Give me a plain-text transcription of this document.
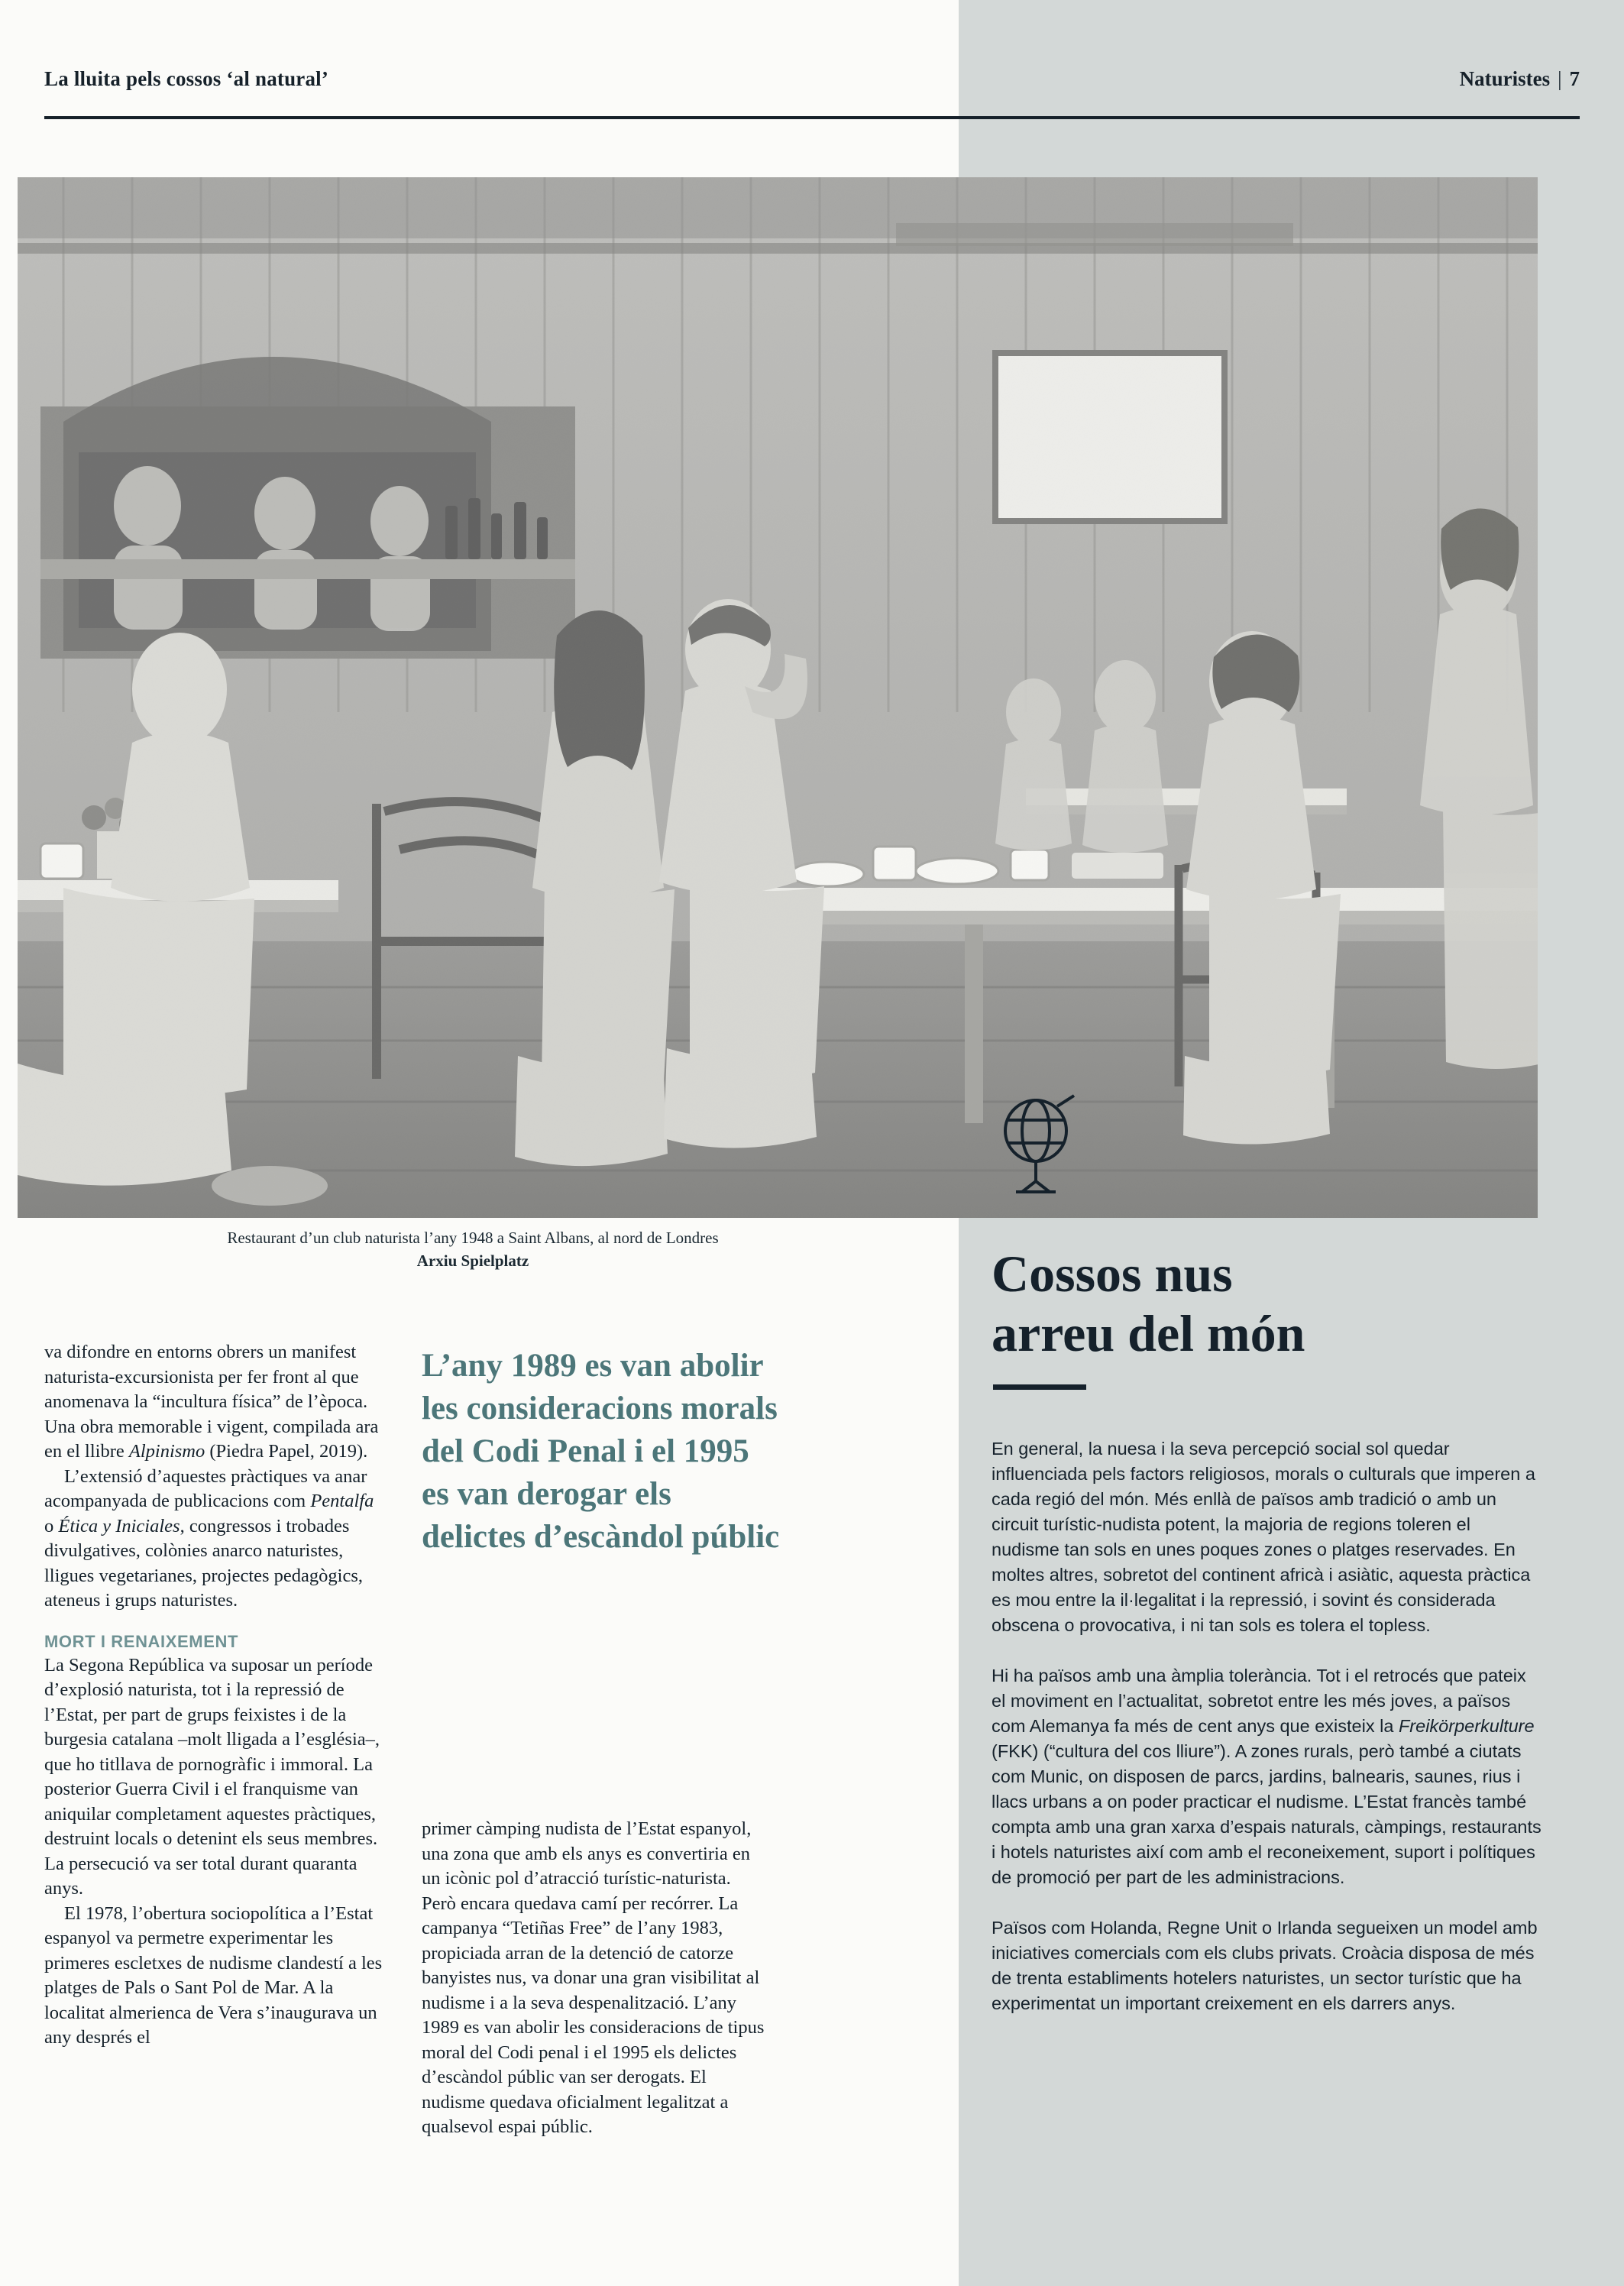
La lluita pels cossos ‘al natural’	Naturistes | 7
Restaurant d’un club naturista l’any 1948 a Saint Albans, al nord de Londres
Arxiu Spielplatz

va difondre en entorns obrers un manifest naturista-excursionista per fer front al que anomenava la “incultura física” de l’època. Una obra memorable i vigent, compilada ara en el llibre Alpinismo (Piedra Papel, 2019).

L’extensió d’aquestes pràctiques va anar acompanyada de publicacions com Pentalfa o Ética y Iniciales, congressos i trobades divulgatives, colònies anarco naturistes, lligues vegetarianes, projectes pedagògics, ateneus i grups naturistes.

MORT I RENAIXEMENT

La Segona República va suposar un període d’explosió naturista, tot i la repressió de l’Estat, per part de grups feixistes i de la burgesia catalana –molt lligada a l’església–, que ho titllava de pornogràfic i immoral. La posterior Guerra Civil i el franquisme van aniquilar completament aquestes pràctiques, destruint locals o detenint els seus membres. La persecució va ser total durant quaranta anys.

El 1978, l’obertura sociopolítica a l’Estat espanyol va permetre experimentar les primeres escletxes de nudisme clandestí a les platges de Pals o Sant Pol de Mar. A la localitat almerienca de Vera s’inaugurava un any després el

L’any 1989 es van abolir les consideracions morals del Codi Penal i el 1995 es van derogar els delictes d’escàndol públic

primer càmping nudista de l’Estat espanyol, una zona que amb els anys es convertiria en un icònic pol d’atracció turístic-naturista. Però encara quedava camí per recórrer. La campanya “Tetiñas Free” de l’any 1983, propiciada arran de la detenció de catorze banyistes nus, va donar una gran visibilitat al nudisme i a la seva despenalització. L’any 1989 es van abolir les consideracions de tipus moral del Codi penal i el 1995 els delictes d’escàndol públic van ser derogats. El nudisme quedava oficialment legalitzat a qualsevol espai públic.

Cossos nus
arreu del món

En general, la nuesa i la seva percepció social sol quedar influenciada pels factors religiosos, morals o culturals que imperen a cada regió del món. Més enllà de països amb tradició o amb un circuit turístic-nudista potent, la majoria de regions toleren el nudisme tan sols en unes poques zones o platges reservades. En moltes altres, sobretot del continent africà i asiàtic, aquesta pràctica es mou entre la il·legalitat i la repressió, i sovint és considerada obscena o provocativa, i ni tan sols es tolera el topless.

Hi ha països amb una àmplia tolerància. Tot i el retrocés que pateix el moviment en l’actualitat, sobretot entre les més joves, a països com Alemanya fa més de cent anys que existeix la Freikörperkulture (FKK) (“cultura del cos lliure”). A zones rurals, però també a ciutats com Munic, on disposen de parcs, jardins, balnearis, saunes, rius i llacs urbans a on poder practicar el nudisme. L’Estat francès també compta amb una gran xarxa d’espais naturals, càmpings, restaurants i hotels naturistes així com amb el reconeixement, suport i polítiques de promoció per part de les administracions.

Països com Holanda, Regne Unit o Irlanda segueixen un model amb iniciatives comercials com els clubs privats. Croàcia disposa de més de trenta establiments hotelers naturistes, un sector turístic que ha experimentat un important creixement en els darrers anys.
